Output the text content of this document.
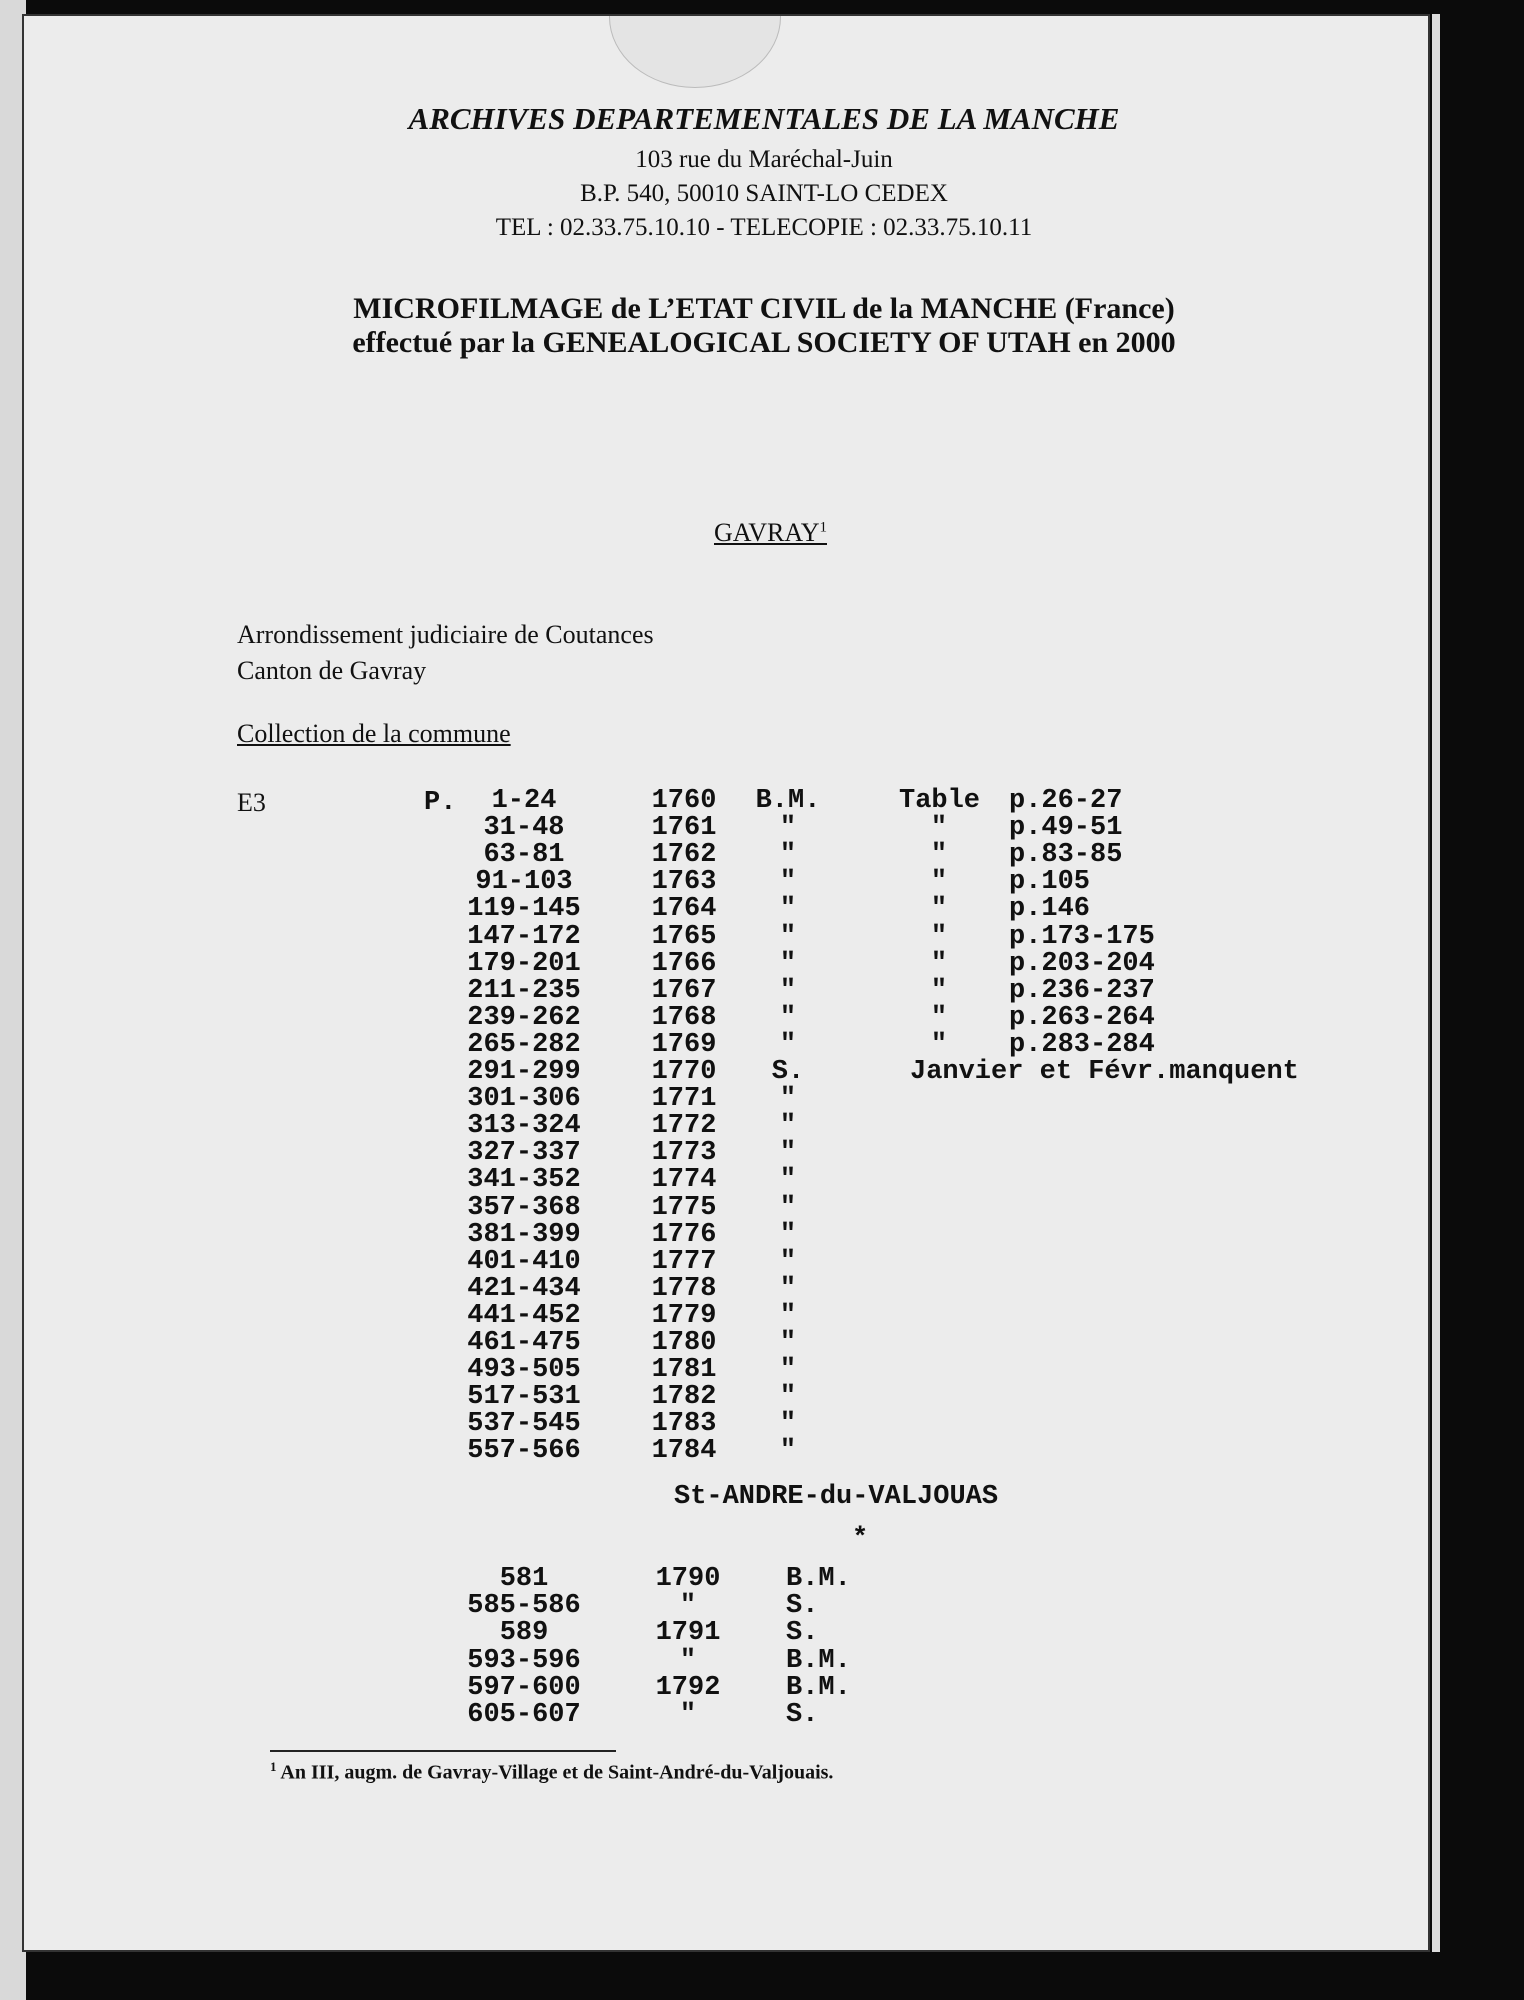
ARCHIVES DEPARTEMENTALES DE LA MANCHE
103 rue du Maréchal-Juin
B.P. 540, 50010 SAINT-LO CEDEX
TEL : 02.33.75.10.10 - TELECOPIE : 02.33.75.10.11
MICROFILMAGE de L’ETAT CIVIL de la MANCHE (France)
effectué par la GENEALOGICAL SOCIETY OF UTAH en 2000
GAVRAY$^1$
Arrondissement judiciaire de Coutances
Canton de Gavray
Collection de la commune
E3	P.	1-24	1760	B.M.	Table p.26-27
31-48	1761	"	"	p.49-51
63-81	1762	"	"	p.83-85
91-103	1763	"	"	p.105
119-145	1764	"	"	p.146
147-172	1765	"	"	p.173-175
179-201	1766	"	"	p.203-204
211-235	1767	"	"	p.236-237
239-262	1768	"	"	p.263-264
265-282	1769	"	"	p.283-284
291-299	1770	S.	Janvier et Févr.manquent
301-306	1771	"
313-324	1772	"
327-337	1773	"
341-352	1774	"
357-368	1775	"
381-399	1776	"
401-410	1777	"
421-434	1778	"
441-452	1779	"
461-475	1780	"
493-505	1781	"
517-531	1782	"
537-545	1783	"
557-566	1784	"
St-ANDRE-du-VALJOUAS
*
581	1790	B.M.
585-586	"	S.
589	1791	S.
593-596	"	B.M.
597-600	1792	B.M.
605-607	"	S.
$^1$ An III, augm. de Gavray-Village et de Saint-André-du-Valjouais.
